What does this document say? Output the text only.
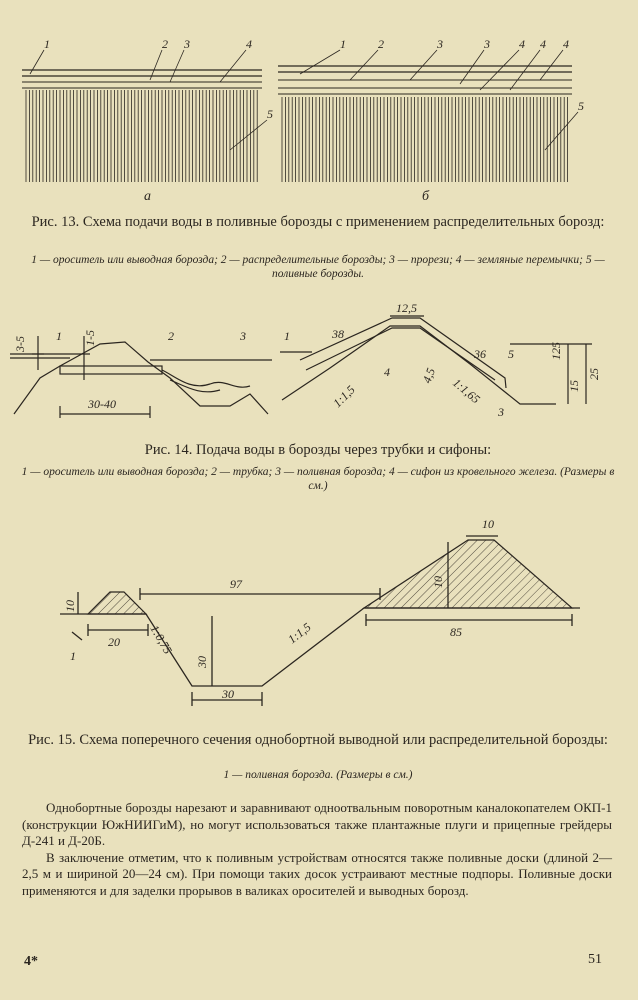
1	2 3	4
5
1	2	3	3 4 4 4
5
а	б
Рис. 13. Схема подачи воды в поливные борозды с применением распределительных борозд:
1 — ороситель или выводная борозда; 2 — распределительные борозды; 3 — прорези; 4 — земляные перемычки; 5 — поливные борозды.
3-5	1-5
30-40
1	2	3
12,5
38
36 5
4,5
125
25
15
1:1,5	1:1,65
1
4
3
Рис. 14. Подача воды в борозды через трубки и сифоны:
1 — ороситель или выводная борозда; 2 — трубка; 3 — поливная борозда; 4 — сифон из кровельного железа. (Размеры в см.)
10
10
10
97
20 1:0,75
30
1:1,5
30
85
1
Рис. 15. Схема поперечного сечения однобортной выводной или распределительной борозды:
1 — поливная борозда. (Размеры в см.)

Однобортные борозды нарезают и заравнивают одноотвальным поворотным каналокопателем ОКП-1 (конструкции ЮжНИИГиМ), но могут использоваться также плантажные плуги и прицепные грейдеры Д-241 и Д-20Б.

В заключение отметим, что к поливным устройствам относятся также поливные доски (длиной 2—2,5 м и шириной 20—24 см). При помощи таких досок устраивают местные подпоры. Поливные доски применяются и для заделки прорывов в валиках оросителей и выводных борозд.

4*	51
